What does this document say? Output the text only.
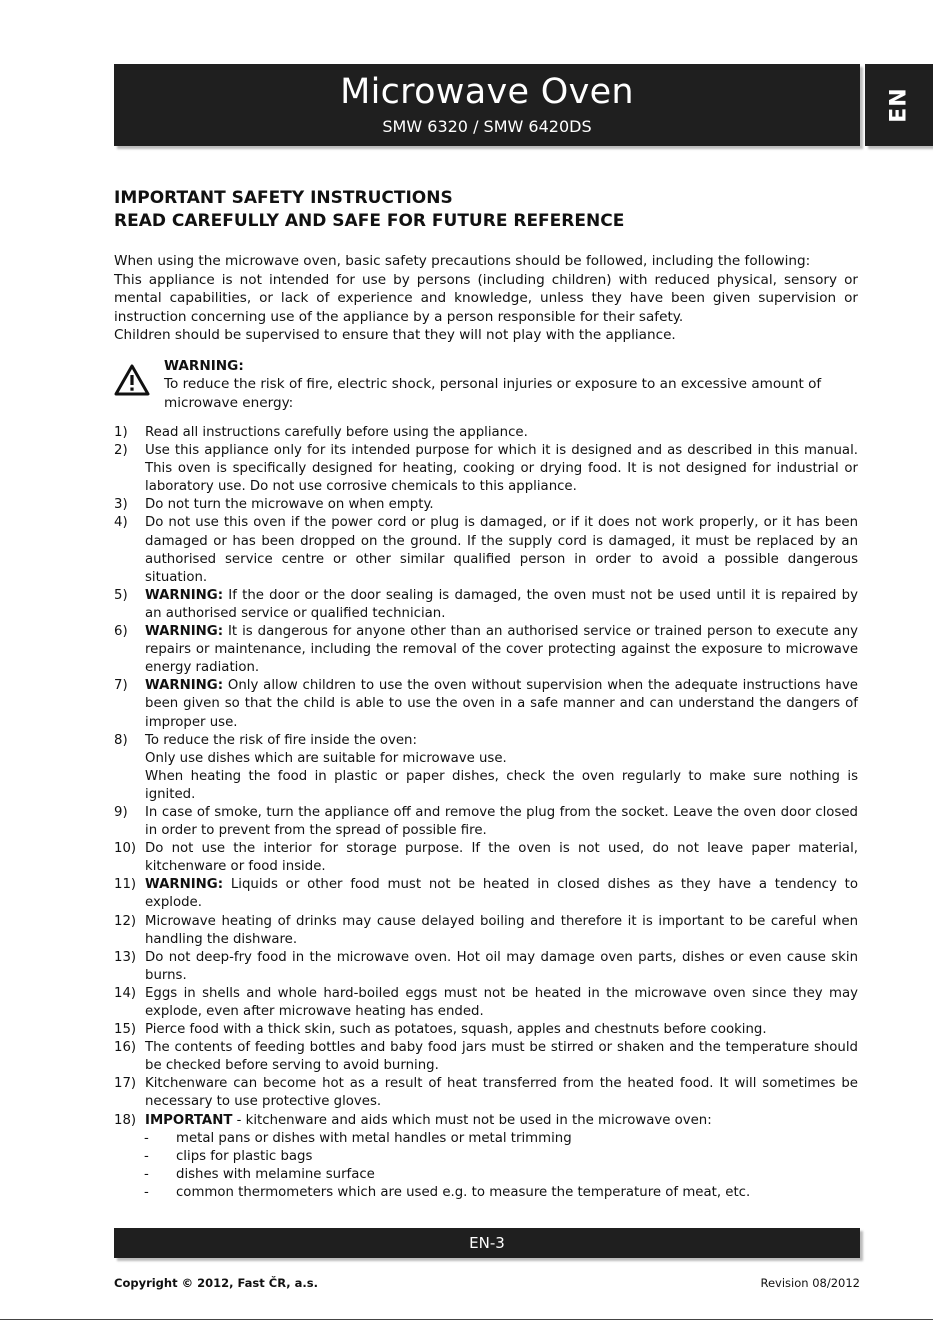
Microwave Oven
SMW 6320 / SMW 6420DS
EN
IMPORTANT SAFETY INSTRUCTIONS
READ CAREFULLY AND SAFE FOR FUTURE REFERENCE

When using the microwave oven, basic safety precautions should be followed, including the following:

This appliance is not intended for use by persons (including children) with reduced physical, sensory or mental capabilities, or lack of experience and knowledge, unless they have been given supervision or instruction concerning use of the appliance by a person responsible for their safety.

Children should be supervised to ensure that they will not play with the appliance.

WARNING:
To reduce the risk of fire, electric shock, personal injuries or exposure to an excessive amount of microwave energy:
1)	Read all instructions carefully before using the appliance.
2)	Use this appliance only for its intended purpose for which it is designed and as described in this manual. This oven is specifically designed for heating, cooking or drying food. It is not designed for industrial or laboratory use. Do not use corrosive chemicals to this appliance.
3)	Do not turn the microwave on when empty.
4)	Do not use this oven if the power cord or plug is damaged, or if it does not work properly, or it has been damaged or has been dropped on the ground. If the supply cord is damaged, it must be replaced by an authorised service centre or other similar qualified person in order to avoid a possible dangerous situation.
5)	WARNING: If the door or the door sealing is damaged, the oven must not be used until it is repaired by an authorised service or qualified technician.
6)	WARNING: It is dangerous for anyone other than an authorised service or trained person to execute any repairs or maintenance, including the removal of the cover protecting against the exposure to microwave energy radiation.
7)	WARNING: Only allow children to use the oven without supervision when the adequate instructions have been given so that the child is able to use the oven in a safe manner and can understand the dangers of improper use.
8)	To reduce the risk of fire inside the oven:
Only use dishes which are suitable for microwave use.
When heating the food in plastic or paper dishes, check the oven regularly to make sure nothing is ignited.
9)	In case of smoke, turn the appliance off and remove the plug from the socket. Leave the oven door closed in order to prevent from the spread of possible fire.
10) Do not use the interior for storage purpose. If the oven is not used, do not leave paper material, kitchenware or food inside.
11) WARNING: Liquids or other food must not be heated in closed dishes as they have a tendency to explode.
12) Microwave heating of drinks may cause delayed boiling and therefore it is important to be careful when handling the dishware.
13) Do not deep-fry food in the microwave oven. Hot oil may damage oven parts, dishes or even cause skin burns.
14) Eggs in shells and whole hard-boiled eggs must not be heated in the microwave oven since they may explode, even after microwave heating has ended.
15) Pierce food with a thick skin, such as potatoes, squash, apples and chestnuts before cooking.
16) The contents of feeding bottles and baby food jars must be stirred or shaken and the temperature should be checked before serving to avoid burning.
17) Kitchenware can become hot as a result of heat transferred from the heated food. It will sometimes be necessary to use protective gloves.
18) IMPORTANT - kitchenware and aids which must not be used in the microwave oven:
-	metal pans or dishes with metal handles or metal trimming
-	clips for plastic bags
-	dishes with melamine surface
-	common thermometers which are used e.g. to measure the temperature of meat, etc.
EN-3
Copyright © 2012, Fast ČR, a.s.	Revision 08/2012
